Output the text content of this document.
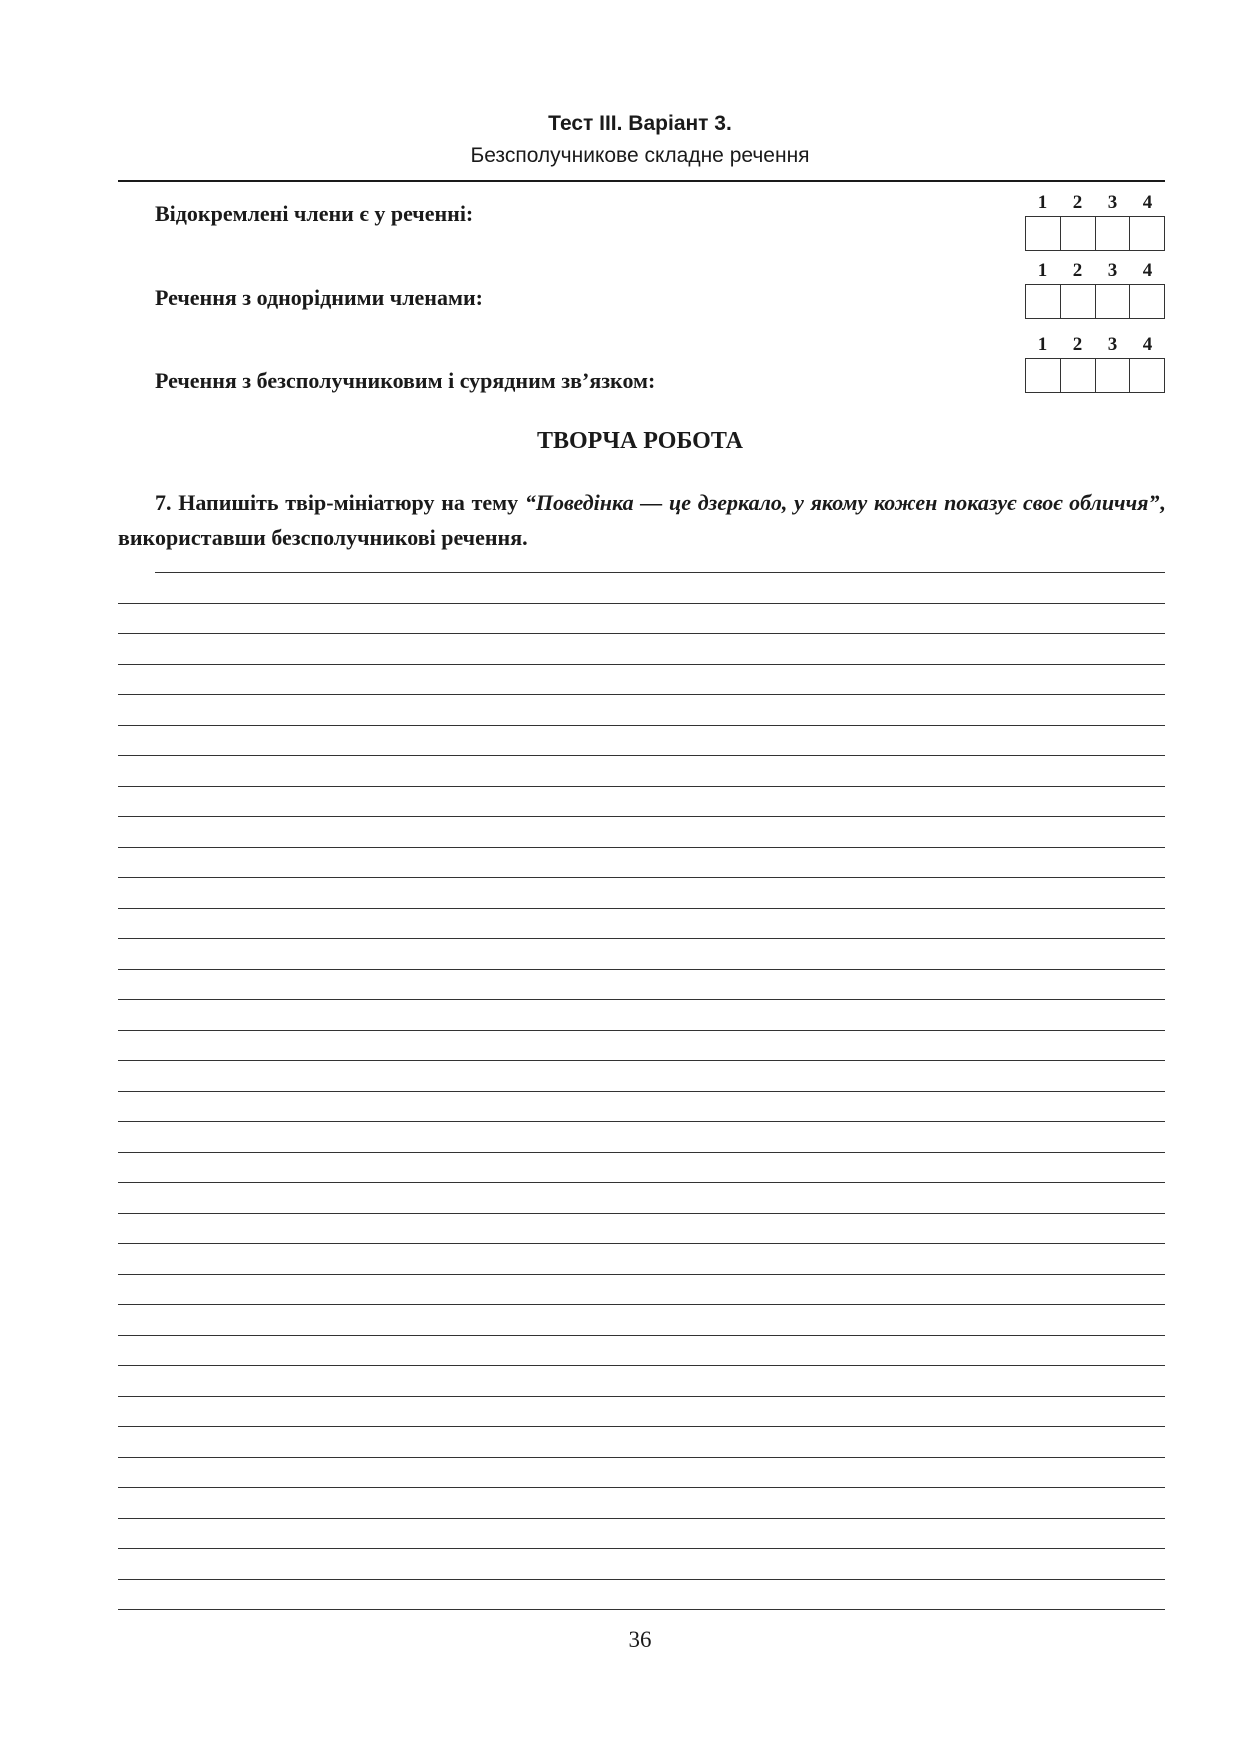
Тест ІІІ. Варіант 3.
Безсполучникове складне речення
Відокремлені члени є у реченні:	1	2	3	4
Речення з однорідними членами:
1	2	3	4
Речення з безсполучниковим і сурядним зв’язком:
1	2	3	4
ТВОРЧА РОБОТА
7. Напишіть твір-мініатюру на тему “Поведінка — це дзеркало, у якому кожен показує своє обличчя”, використавши безсполучникові речення.
36
